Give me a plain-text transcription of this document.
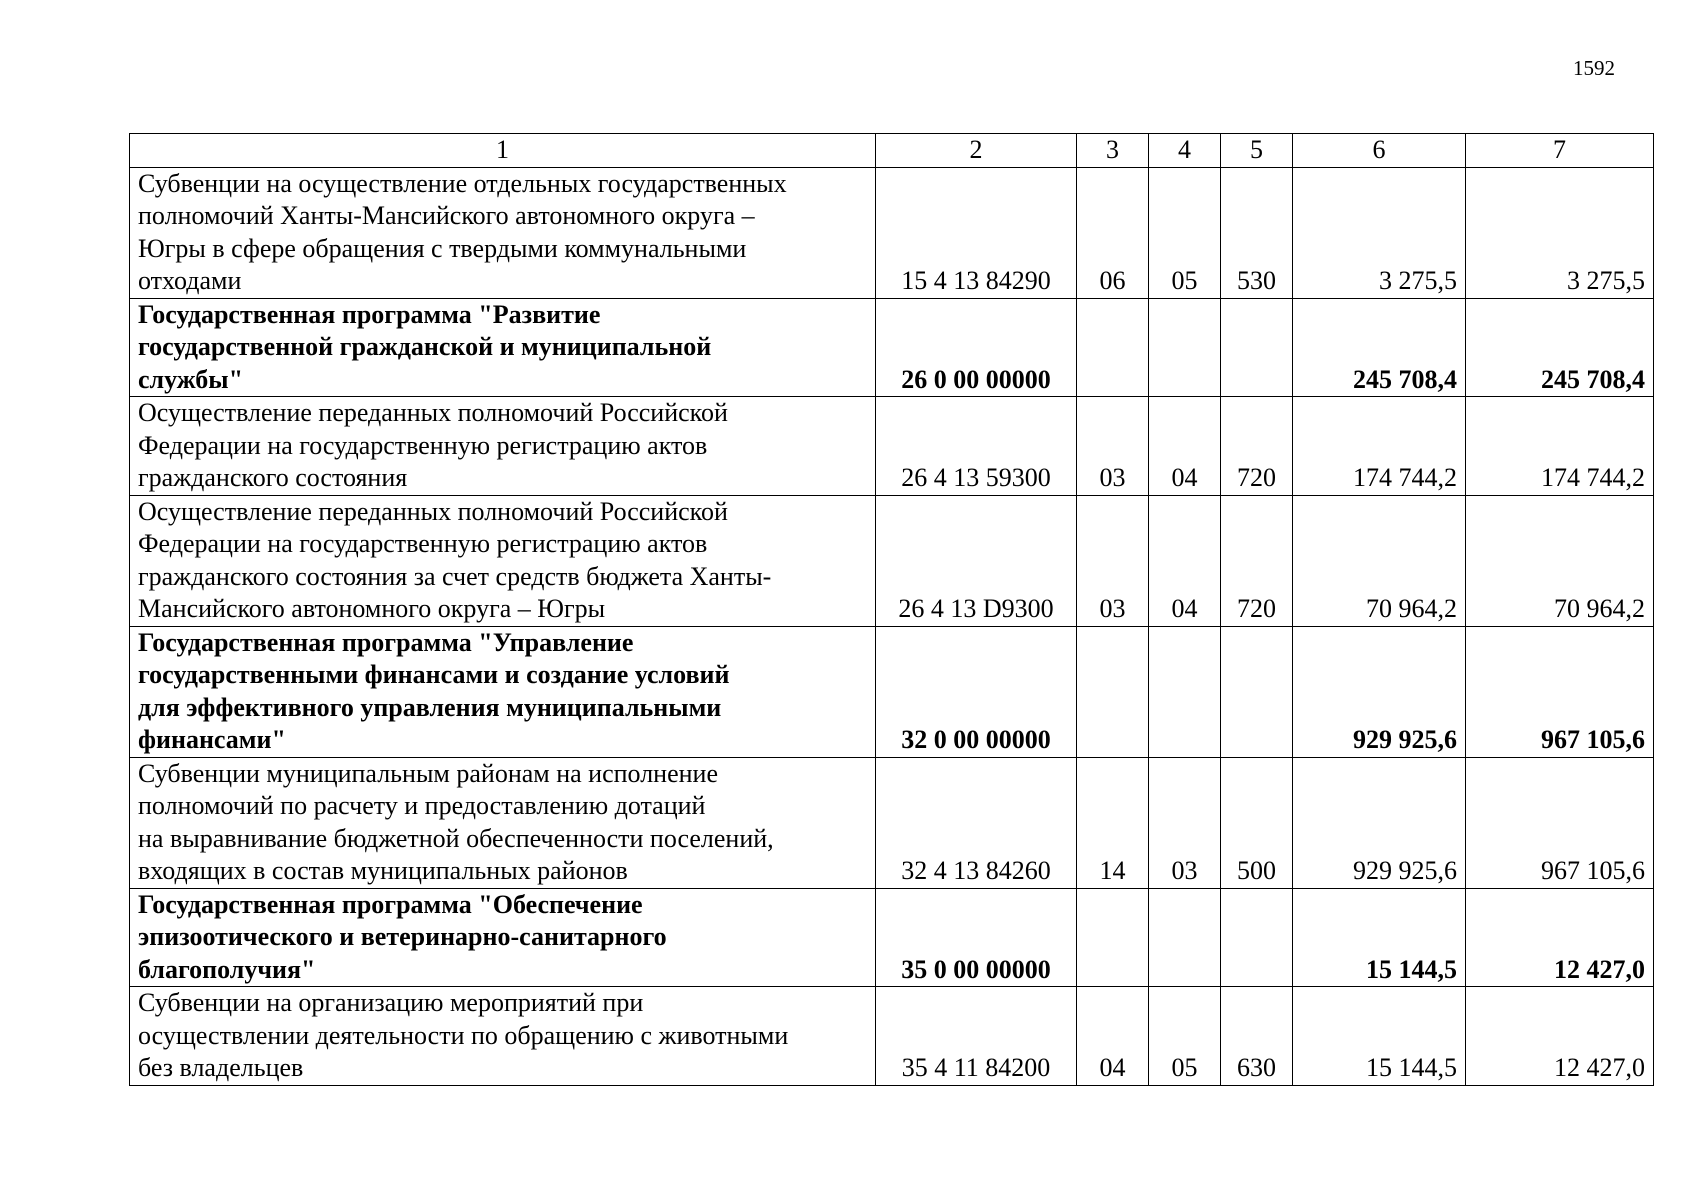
1592
1	2	3	4	5	6	7

Субвенции на осуществление отдельных государственных
полномочий Ханты-Мансийского автономного округа –
Югры в сфере обращения с твердыми коммунальными
отходами	15 4 13 84290	06	05	530	3 275,5	3 275,5

Государственная программа "Развитие
государственной гражданской и муниципальной
службы"	26 0 00 00000				245 708,4	245 708,4

Осуществление переданных полномочий Российской
Федерации на государственную регистрацию актов
гражданского состояния	26 4 13 59300	03	04	720	174 744,2	174 744,2

Осуществление переданных полномочий Российской
Федерации на государственную регистрацию актов
гражданского состояния за счет средств бюджета Ханты-
Мансийского автономного округа – Югры	26 4 13 D9300	03	04	720	70 964,2	70 964,2

Государственная программа "Управление
государственными финансами и создание условий
для эффективного управления муниципальными
финансами"	32 0 00 00000				929 925,6	967 105,6

Субвенции муниципальным районам на исполнение
полномочий по расчету и предоставлению дотаций
на выравнивание бюджетной обеспеченности поселений,
входящих в состав муниципальных районов	32 4 13 84260	14	03	500	929 925,6	967 105,6

Государственная программа "Обеспечение
эпизоотического и ветеринарно-санитарного
благополучия"	35 0 00 00000				15 144,5	12 427,0

Субвенции на организацию мероприятий при
осуществлении деятельности по обращению с животными
без владельцев	35 4 11 84200	04	05	630	15 144,5	12 427,0
